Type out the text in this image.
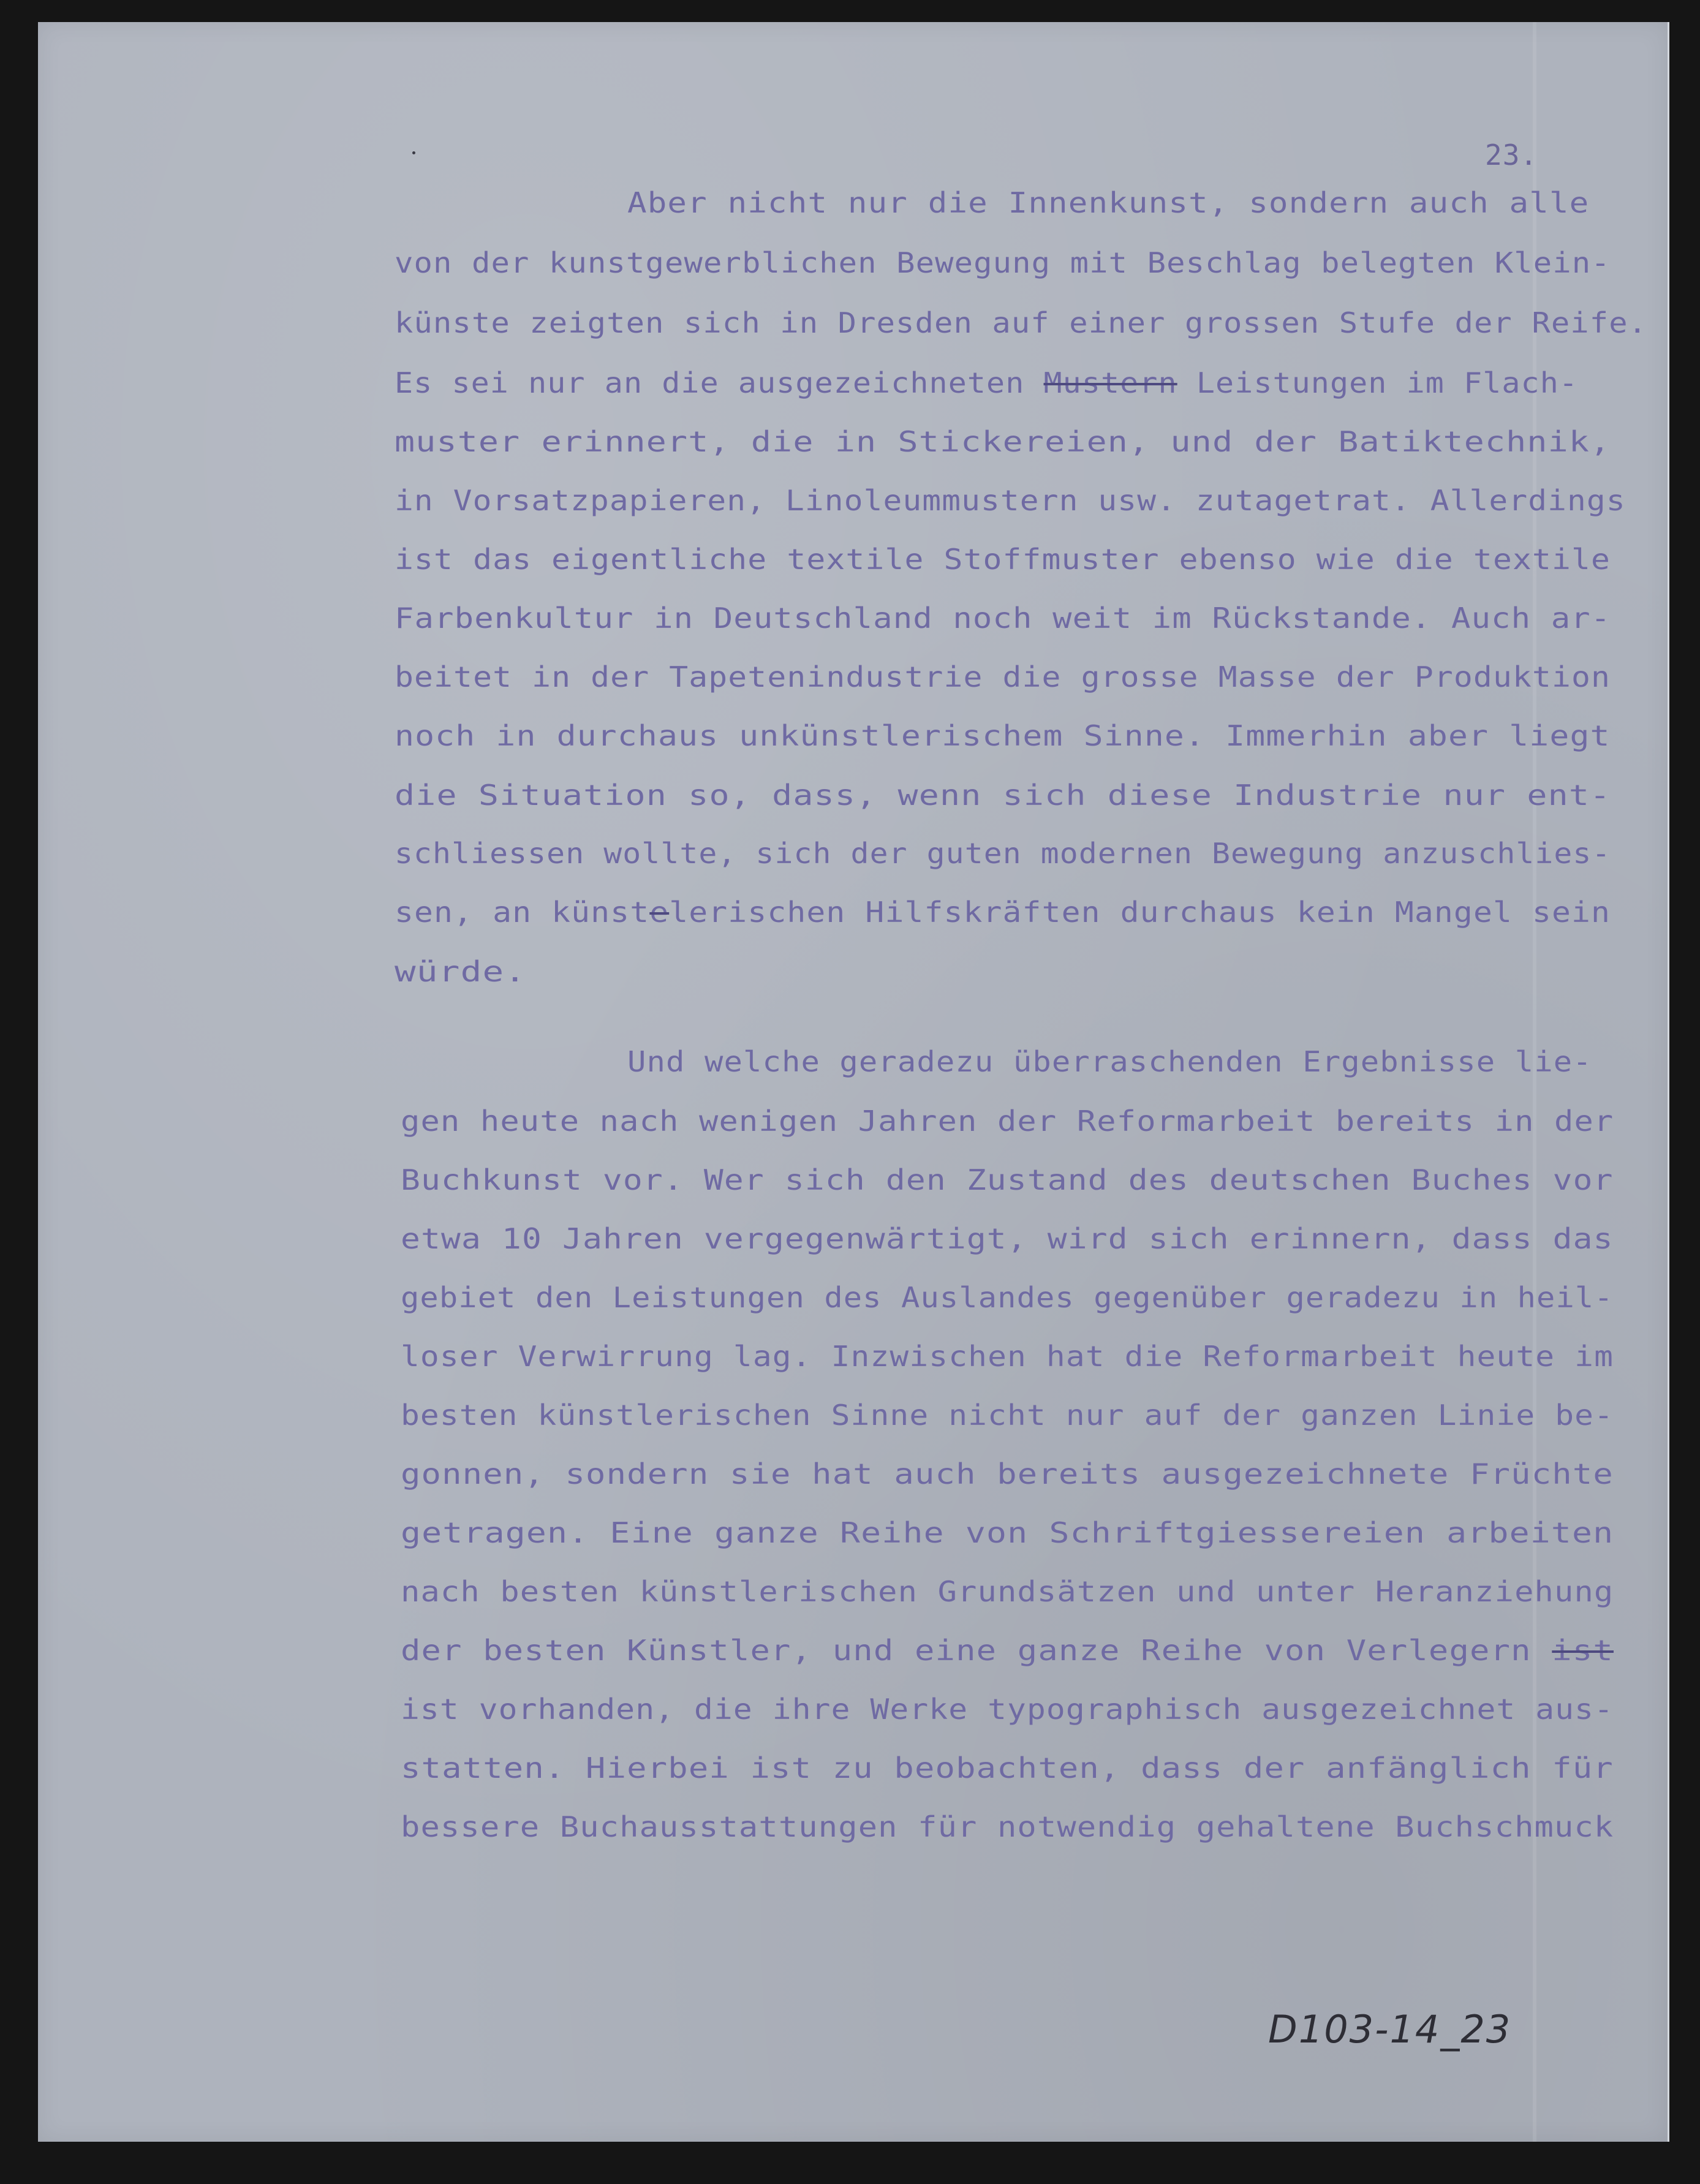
23.
Aber nicht nur die Innenkunst, sondern auch alle
von der kunstgewerblichen Bewegung mit Beschlag belegten Klein-
künste zeigten sich in Dresden auf einer grossen Stufe der Reife.
Es sei nur an die ausgezeichneten Mustern Leistungen im Flach-
muster erinnert, die in Stickereien, und der Batiktechnik,
in Vorsatzpapieren, Linoleummustern usw. zutagetrat. Allerdings
ist das eigentliche textile Stoffmuster ebenso wie die textile
Farbenkultur in Deutschland noch weit im Rückstande. Auch ar-
beitet in der Tapetenindustrie die grosse Masse der Produktion
noch in durchaus unkünstlerischem Sinne. Immerhin aber liegt
die Situation so, dass, wenn sich diese Industrie nur ent-
schliessen wollte, sich der guten modernen Bewegung anzuschlies-
sen, an künstelerischen Hilfskräften durchaus kein Mangel sein
würde.
Und welche geradezu überraschenden Ergebnisse lie-
gen heute nach wenigen Jahren der Reformarbeit bereits in der
Buchkunst vor. Wer sich den Zustand des deutschen Buches vor
etwa 10 Jahren vergegenwärtigt, wird sich erinnern, dass das
gebiet den Leistungen des Auslandes gegenüber geradezu in heil-
loser Verwirrung lag. Inzwischen hat die Reformarbeit heute im
besten künstlerischen Sinne nicht nur auf der ganzen Linie be-
gonnen, sondern sie hat auch bereits ausgezeichnete Früchte
getragen. Eine ganze Reihe von Schriftgiessereien arbeiten
nach besten künstlerischen Grundsätzen und unter Heranziehung
der besten Künstler, und eine ganze Reihe von Verlegern ist
ist vorhanden, die ihre Werke typographisch ausgezeichnet aus-
statten. Hierbei ist zu beobachten, dass der anfänglich für
bessere Buchausstattungen für notwendig gehaltene Buchschmuck
D103-14_23
